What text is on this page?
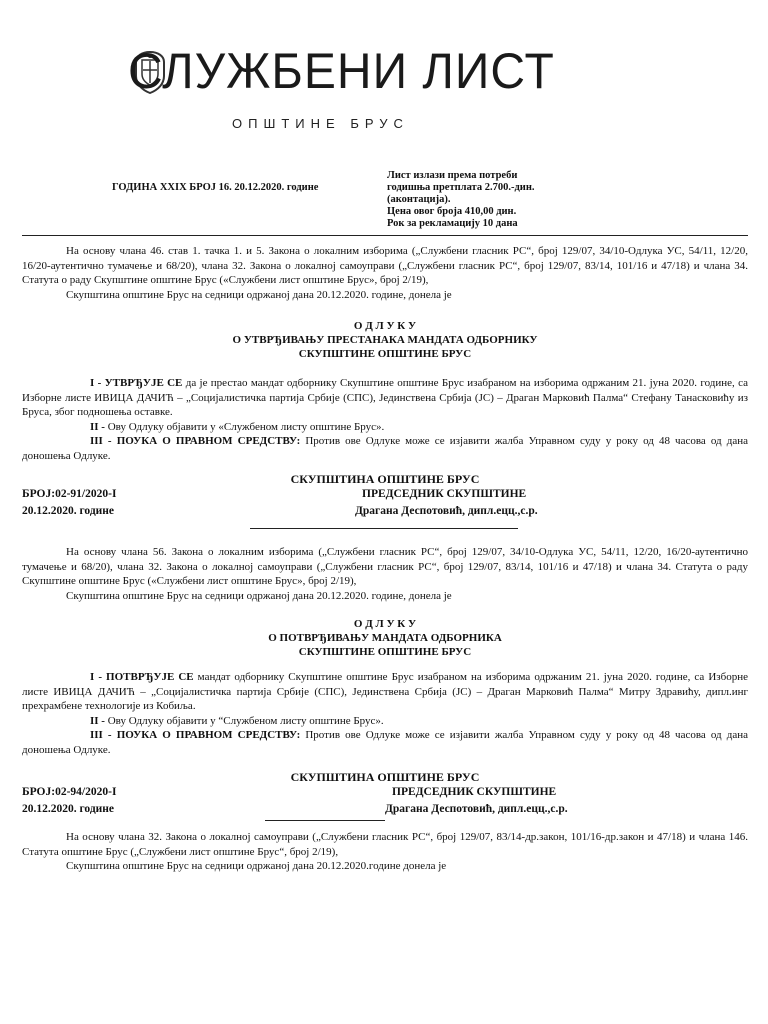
СЛУЖБЕНИ ЛИСТ
ОПШТИНЕ БРУС
ГОДИНА XXIX БРОЈ 16. 20.12.2020. године
Лист излази према потреби
годишња претплата 2.700.-дин.
(аконтација).
Цена овог броја 410,00 дин.
Рок за рекламацију 10 дана

На основу члана 46. став 1. тачка 1. и 5. Закона о локалним изборима („Службени гласник РС“, број 129/07, 34/10-Одлука УС, 54/11, 12/20, 16/20-аутентично тумачење и 68/20), члана 32. Закона о локалној самоуправи („Службени гласник РС“, број 129/07, 83/14, 101/16 и 47/18) и члана 34. Статута о раду Скупштине општине Брус («Службени лист општине Брус», број 2/19),

Скупштина општине Брус на седници одржаној дана 20.12.2020. године, донела је

О Д Л У К У
О УТВРЂИВАЊУ ПРЕСТАНАКА МАНДАТА ОДБОРНИКУ
СКУПШТИНЕ ОПШТИНЕ БРУС

I - УТВРЂУЈЕ СЕ да је престао мандат одборнику Скупштине општине Брус изабраном на изборима одржаним 21. јуна 2020. године, са Изборне листе ИВИЦА ДАЧИЋ – „Социјалистичка партија Србије (СПС), Јединствена Србија (ЈС) – Драган Марковић Палма“ Стефану Танасковићу из Бруса, због подношења оставке.

II - Ову Одлуку објавити у «Службеном листу општине Брус».

III - ПОУКА О ПРАВНОМ СРЕДСТВУ: Против ове Одлуке може се изјавити жалба Управном суду у року од 48 часова од дана доношења Одлуке.

СКУПШТИНА ОПШТИНЕ БРУС
БРОЈ:02-91/2020-I	ПРЕДСЕДНИК СКУПШТИНЕ
20.12.2020. године	Драгана Деспотовић, дипл.ецц.,с.р.

На основу члана 56. Закона о локалним изборима („Службени гласник РС“, број 129/07, 34/10-Одлука УС, 54/11, 12/20, 16/20-аутентично тумачење и 68/20), члана 32. Закона о локалној самоуправи („Службени гласник РС“, број 129/07, 83/14, 101/16 и 47/18) и члана 34. Статута о раду Скупштине општине Брус («Службени лист општине Брус», број 2/19),

Скупштина општине Брус на седници одржаној дана 20.12.2020. године, донела је

О Д Л У К У
О ПОТВРЂИВАЊУ МАНДАТА ОДБОРНИКА
СКУПШТИНЕ ОПШТИНЕ БРУС

I - ПОТВРЂУЈЕ СЕ мандат одборнику Скупштине општине Брус изабраном на изборима одржаним 21. јуна 2020. године, са Изборне листе ИВИЦА ДАЧИЋ – „Социјалистичка партија Србије (СПС), Јединствена Србија (ЈС) – Драган Марковић Палма“ Митру Здравићу, дипл.инг прехрамбене технологије из Кобиља.

II - Ову Одлуку објавити у “Службеном листу општине Брус».

III - ПОУКА О ПРАВНОМ СРЕДСТВУ: Против ове Одлуке може се изјавити жалба Управном суду у року од 48 часова од дана доношења Одлуке.

СКУПШТИНА ОПШТИНЕ БРУС
БРОЈ:02-94/2020-I	ПРЕДСЕДНИК СКУПШТИНЕ
20.12.2020. године	Драгана Деспотовић, дипл.ецц.,с.р.

На основу члана 32. Закона о локалној самоуправи („Службени гласник РС“, број 129/07, 83/14-др.закон, 101/16-др.закон и 47/18) и члана 146. Статута општине Брус („Службени лист општине Брус“, број 2/19),

Скупштина општине Брус на седници одржаној дана 20.12.2020.године донела је
